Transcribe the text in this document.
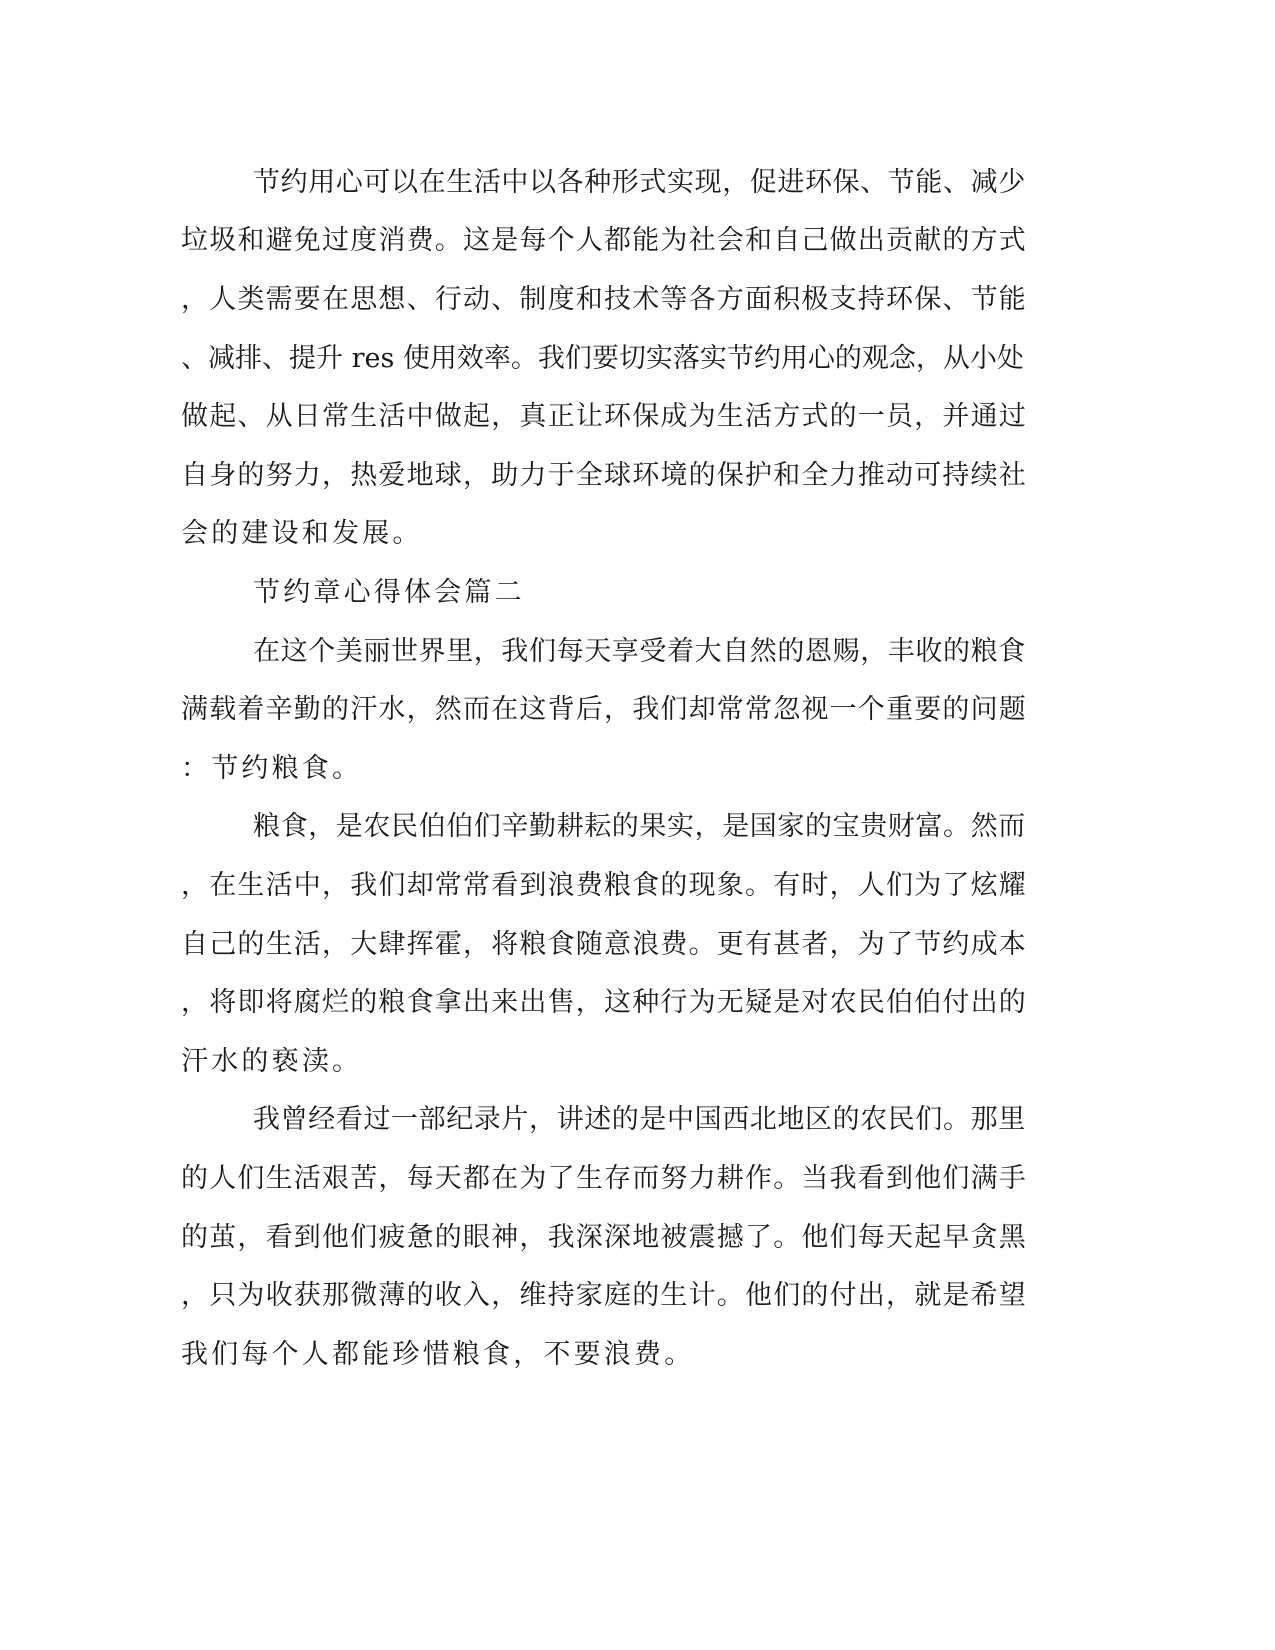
节约用心可以在生活中以各种形式实现，促进环保、节能、减少
垃圾和避免过度消费。这是每个人都能为社会和自己做出贡献的方式
，人类需要在思想、行动、制度和技术等各方面积极支持环保、节能
、减排、提升 res 使用效率。我们要切实落实节约用心的观念，从小处
做起、从日常生活中做起，真正让环保成为生活方式的一员，并通过
自身的努力，热爱地球，助力于全球环境的保护和全力推动可持续社
会的建设和发展。
节约章心得体会篇二
在这个美丽世界里，我们每天享受着大自然的恩赐，丰收的粮食
满载着辛勤的汗水，然而在这背后，我们却常常忽视一个重要的问题
：节约粮食。
粮食，是农民伯伯们辛勤耕耘的果实，是国家的宝贵财富。然而
，在生活中，我们却常常看到浪费粮食的现象。有时，人们为了炫耀
自己的生活，大肆挥霍，将粮食随意浪费。更有甚者，为了节约成本
，将即将腐烂的粮食拿出来出售，这种行为无疑是对农民伯伯付出的
汗水的亵渎。
我曾经看过一部纪录片，讲述的是中国西北地区的农民们。那里
的人们生活艰苦，每天都在为了生存而努力耕作。当我看到他们满手
的茧，看到他们疲惫的眼神，我深深地被震撼了。他们每天起早贪黑
，只为收获那微薄的收入，维持家庭的生计。他们的付出，就是希望
我们每个人都能珍惜粮食，不要浪费。
